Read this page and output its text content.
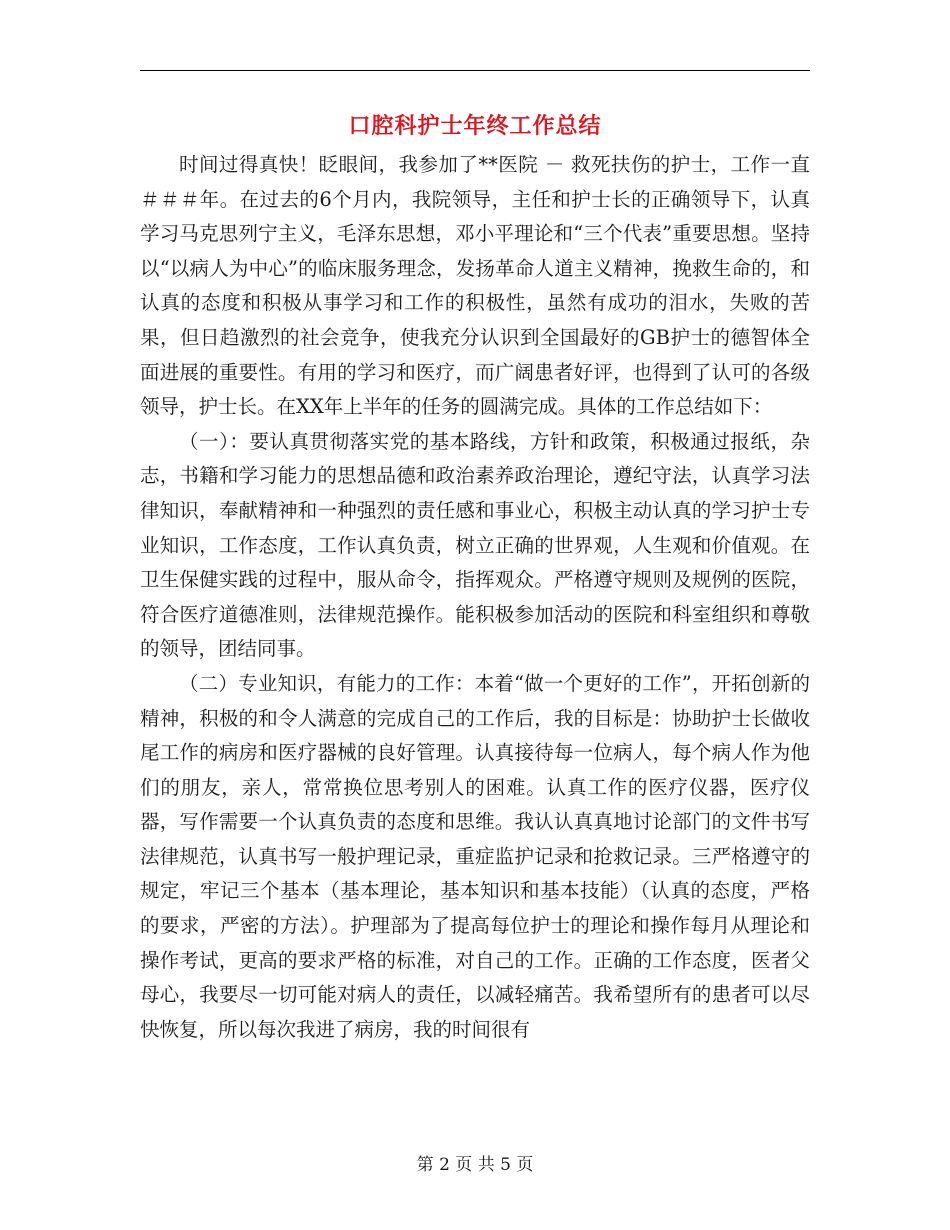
口腔科护士年终工作总结

时间过得真快！眨眼间，我参加了**医院 － 救死扶伤的护士，工作一直＃＃＃年。在过去的6个月内，我院领导，主任和护士长的正确领导下，认真学习马克思列宁主义，毛泽东思想，邓小平理论和“三个代表”重要思想。坚持以“以病人为中心”的临床服务理念，发扬革命人道主义精神，挽救生命的，和认真的态度和积极从事学习和工作的积极性，虽然有成功的泪水，失败的苦果，但日趋激烈的社会竞争，使我充分认识到全国最好的GB护士的德智体全面进展的重要性。有用的学习和医疗，而广阔患者好评，也得到了认可的各级领导，护士长。在XX年上半年的任务的圆满完成。具体的工作总结如下：

（一）：要认真贯彻落实党的基本路线，方针和政策，积极通过报纸，杂志，书籍和学习能力的思想品德和政治素养政治理论，遵纪守法，认真学习法律知识，奉献精神和一种强烈的责任感和事业心，积极主动认真的学习护士专业知识，工作态度，工作认真负责，树立正确的世界观，人生观和价值观。在卫生保健实践的过程中，服从命令，指挥观众。严格遵守规则及规例的医院，符合医疗道德准则，法律规范操作。能积极参加活动的医院和科室组织和尊敬的领导，团结同事。

（二）专业知识，有能力的工作：本着“做一个更好的工作”，开拓创新的精神，积极的和令人满意的完成自己的工作后，我的目标是：协助护士长做收尾工作的病房和医疗器械的良好管理。认真接待每一位病人，每个病人作为他们的朋友，亲人，常常换位思考别人的困难。认真工作的医疗仪器，医疗仪器，写作需要一个认真负责的态度和思维。我认认真真地讨论部门的文件书写法律规范，认真书写一般护理记录，重症监护记录和抢救记录。三严格遵守的规定，牢记三个基本（基本理论，基本知识和基本技能）（认真的态度，严格的要求，严密的方法）。护理部为了提高每位护士的理论和操作每月从理论和操作考试，更高的要求严格的标准，对自己的工作。正确的工作态度，医者父母心，我要尽一切可能对病人的责任，以减轻痛苦。我希望所有的患者可以尽快恢复，所以每次我进了病房，我的时间很有

第 2 页 共 5 页
